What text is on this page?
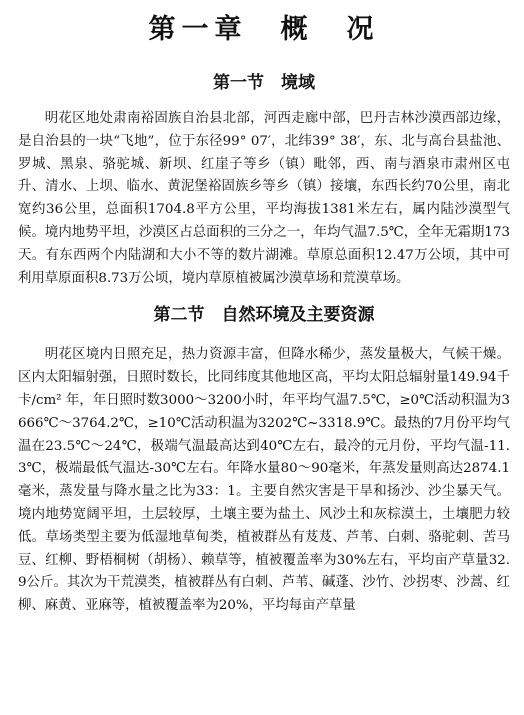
第一章　概　况
第一节　境域

明花区地处肃南裕固族自治县北部，河西走廊中部，巴丹吉林沙漠西部边缘，是自治县的一块“飞地”，位于东径99° 07′，北纬39° 38′，东、北与高台县盐池、罗城、黑泉、骆驼城、新坝、红崖子等乡（镇）毗邻，西、南与酒泉市肃州区屯升、清水、上坝、临水、黄泥堡裕固族乡等乡（镇）接壤，东西长约70公里，南北宽约36公里，总面积1704.8平方公里，平均海拔1381米左右，属内陆沙漠型气候。境内地势平坦，沙漠区占总面积的三分之一，年均气温7.5℃，全年无霜期173天。有东西两个内陆湖和大小不等的数片湖滩。草原总面积12.47万公顷，其中可利用草原面积8.73万公顷，境内草原植被属沙漠草场和荒漠草场。

第二节　自然环境及主要资源

明花区境内日照充足，热力资源丰富，但降水稀少，蒸发量极大，气候干燥。区内太阳辐射强，日照时数长，比同纬度其他地区高，平均太阳总辐射量149.94千卡/cm² 年，年日照时数3000～3200小时，年平均气温7.5℃，≥0℃活动积温为3666℃～3764.2℃，≥10℃活动积温为3202℃~3318.9℃。最热的7月份平均气温在23.5℃～24℃，极端气温最高达到40℃左右，最冷的元月份，平均气温-11.3℃，极端最低气温达-30℃左右。年降水量80～90毫米，年蒸发量则高达2874.1毫米，蒸发量与降水量之比为33：1。主要自然灾害是干旱和扬沙、沙尘暴天气。境内地势宽阔平坦，土层较厚，土壤主要为盐土、风沙土和灰棕漠土，土壤肥力较低。草场类型主要为低湿地草甸类，植被群丛有芨芨、芦苇、白刺、骆驼刺、苦马豆、红柳、野梧桐树（胡杨）、赖草等，植被覆盖率为30%左右，平均亩产草量32.9公斤。其次为干荒漠类，植被群丛有白刺、芦苇、碱蓬、沙竹、沙拐枣、沙蒿、红柳、麻黄、亚麻等，植被覆盖率为20%，平均每亩产草量
